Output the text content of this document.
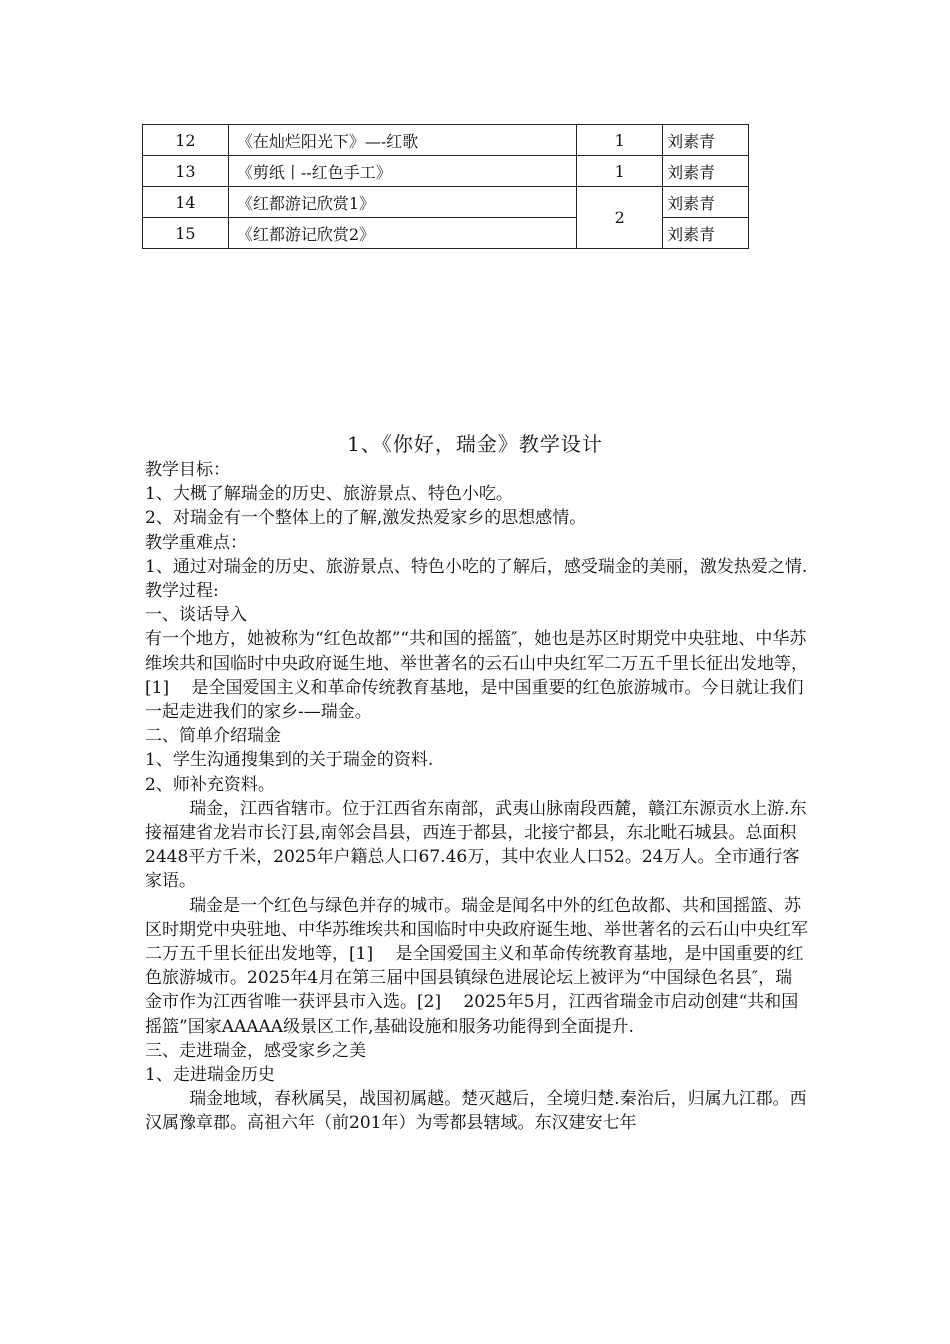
12	《在灿烂阳光下》—-红歌	1	刘素青
13	《剪纸丨--红色手工》	1	刘素青
14	《红都游记欣赏1》	2	刘素青
15	《红都游记欣赏2》		刘素青
1、《你好，瑞金》教学设计

教学目标：

1、大概了解瑞金的历史、旅游景点、特色小吃。

2、对瑞金有一个整体上的了解,激发热爱家乡的思想感情。

教学重难点：

1、通过对瑞金的历史、旅游景点、特色小吃的了解后，感受瑞金的美丽，激发热爱之情.

教学过程:

一、谈话导入

有一个地方，她被称为“红色故都”“共和国的摇篮″，她也是苏区时期党中央驻地、中华苏维埃共和国临时中央政府诞生地、举世著名的云石山中央红军二万五千里长征出发地等，[1]　 是全国爱国主义和革命传统教育基地，是中国重要的红色旅游城市。今日就让我们一起走进我们的家乡-—瑞金。

二、简单介绍瑞金

1、学生沟通搜集到的关于瑞金的资料.

2、师补充资料。

瑞金，江西省辖市。位于江西省东南部，武夷山脉南段西麓，赣江东源贡水上游.东接福建省龙岩市长汀县,南邻会昌县，西连于都县，北接宁都县，东北毗石城县。总面积2448平方千米，2025年户籍总人口67.46万，其中农业人口52。24万人。全市通行客家语。

瑞金是一个红色与绿色并存的城市。瑞金是闻名中外的红色故都、共和国摇篮、苏区时期党中央驻地、中华苏维埃共和国临时中央政府诞生地、举世著名的云石山中央红军二万五千里长征出发地等，[1]　 是全国爱国主义和革命传统教育基地，是中国重要的红色旅游城市。2025年4月在第三届中国县镇绿色进展论坛上被评为“中国绿色名县″，瑞金市作为江西省唯一获评县市入选。[2]　 2025年5月，江西省瑞金市启动创建“共和国摇篮”国家AAAAA级景区工作,基础设施和服务功能得到全面提升.

三、走进瑞金，感受家乡之美

1、走进瑞金历史

瑞金地域，春秋属吴，战国初属越。楚灭越后，全境归楚.秦治后，归属九江郡。西汉属豫章郡。高祖六年（前201年）为雩都县辖域。东汉建安七年
